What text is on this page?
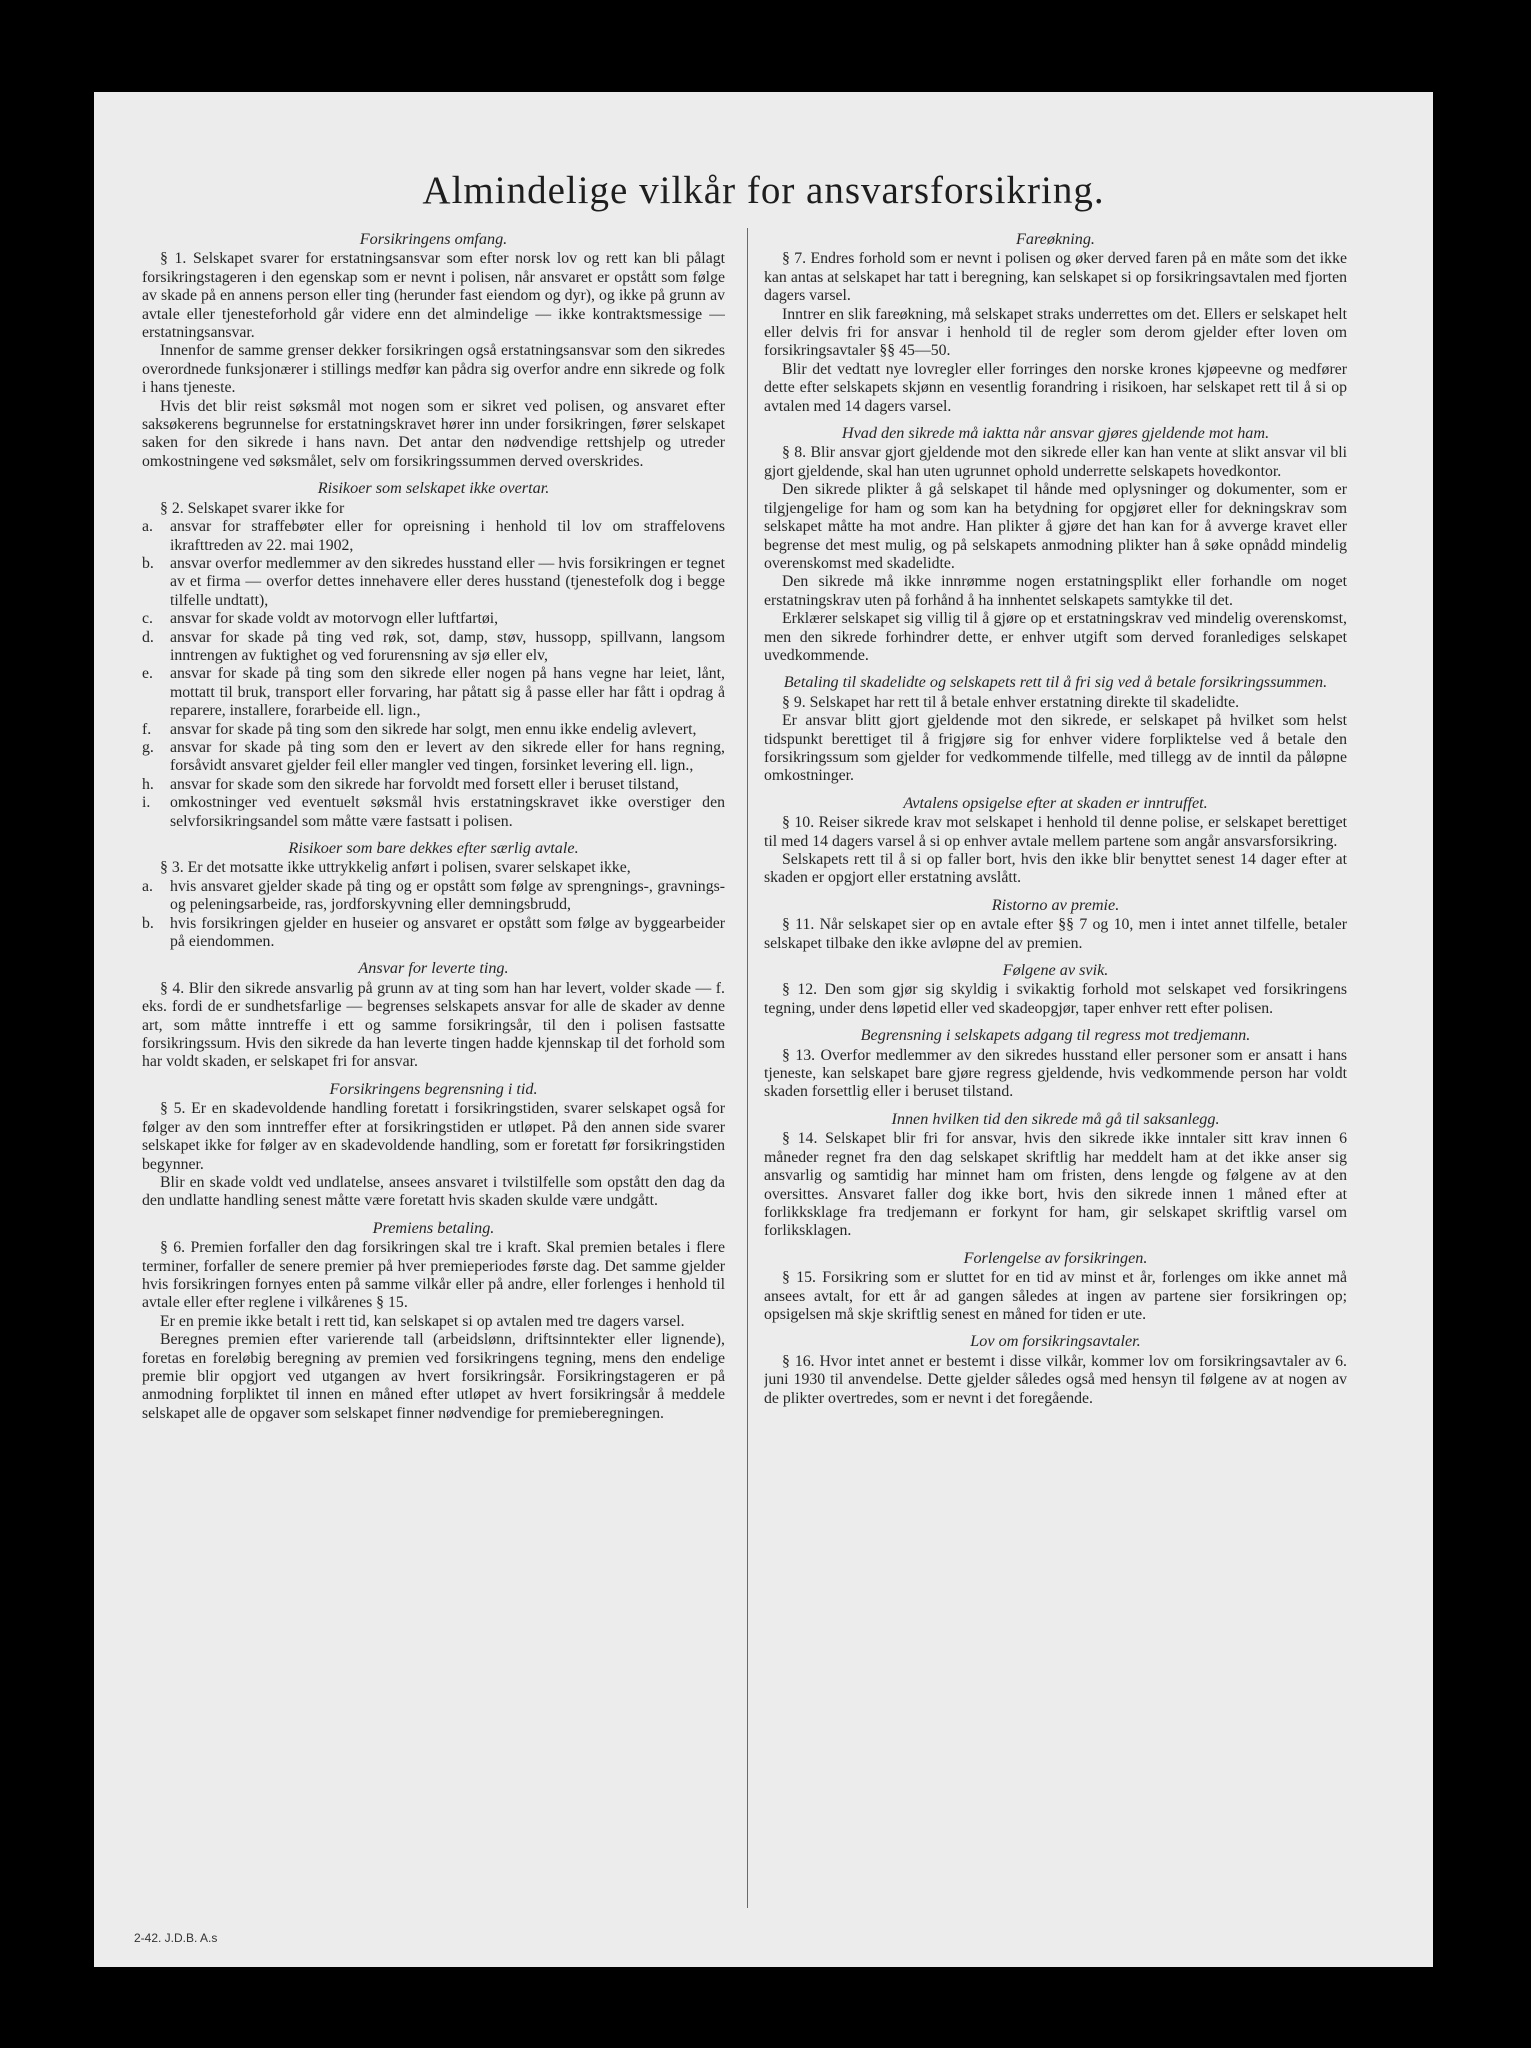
Almindelige vilkår for ansvarsforsikring.
Forsikringens omfang.

§ 1. Selskapet svarer for erstatningsansvar som efter norsk lov og rett kan bli pålagt forsikringstageren i den egenskap som er nevnt i polisen, når ansvaret er opstått som følge av skade på en annens person eller ting (herunder fast eiendom og dyr), og ikke på grunn av avtale eller tjenesteforhold går videre enn det almindelige — ikke kontraktsmessige — erstatningsansvar.

Innenfor de samme grenser dekker forsikringen også erstatningsansvar som den sikredes overordnede funksjonærer i stillings medfør kan pådra sig overfor andre enn sikrede og folk i hans tjeneste.

Hvis det blir reist søksmål mot nogen som er sikret ved polisen, og ansvaret efter saksøkerens begrunnelse for erstatningskravet hører inn under forsikringen, fører selskapet saken for den sikrede i hans navn. Det antar den nødvendige rettshjelp og utreder omkostningene ved søksmålet, selv om forsikringssummen derved overskrides.

Risikoer som selskapet ikke overtar.

§ 2. Selskapet svarer ikke for

a.	ansvar for straffebøter eller for opreisning i henhold til lov om straffelovens ikrafttreden av 22. mai 1902,
b.	ansvar overfor medlemmer av den sikredes husstand eller — hvis forsikringen er tegnet av et firma — overfor dettes innehavere eller deres husstand (tjenestefolk dog i begge tilfelle undtatt),
c.	ansvar for skade voldt av motorvogn eller luftfartøi,
d.	ansvar for skade på ting ved røk, sot, damp, støv, hussopp, spillvann, langsom inntrengen av fuktighet og ved forurensning av sjø eller elv,
e.	ansvar for skade på ting som den sikrede eller nogen på hans vegne har leiet, lånt, mottatt til bruk, transport eller forvaring, har påtatt sig å passe eller har fått i opdrag å reparere, installere, forarbeide ell. lign.,
f.	ansvar for skade på ting som den sikrede har solgt, men ennu ikke endelig avlevert,
g.	ansvar for skade på ting som den er levert av den sikrede eller for hans regning, forsåvidt ansvaret gjelder feil eller mangler ved tingen, forsinket levering ell. lign.,
h.	ansvar for skade som den sikrede har forvoldt med forsett eller i beruset tilstand,
i.	omkostninger ved eventuelt søksmål hvis erstatningskravet ikke overstiger den selvforsikringsandel som måtte være fastsatt i polisen.
Risikoer som bare dekkes efter særlig avtale.

§ 3. Er det motsatte ikke uttrykkelig anført i polisen, svarer selskapet ikke,

a.	hvis ansvaret gjelder skade på ting og er opstått som følge av sprengnings-, gravnings- og peleningsarbeide, ras, jordforskyvning eller demningsbrudd,
b.	hvis forsikringen gjelder en huseier og ansvaret er opstått som følge av byggearbeider på eiendommen.
Ansvar for leverte ting.

§ 4. Blir den sikrede ansvarlig på grunn av at ting som han har levert, volder skade — f. eks. fordi de er sundhetsfarlige — begrenses selskapets ansvar for alle de skader av denne art, som måtte inntreffe i ett og samme forsikringsår, til den i polisen fastsatte forsikringssum. Hvis den sikrede da han leverte tingen hadde kjennskap til det forhold som har voldt skaden, er selskapet fri for ansvar.

Forsikringens begrensning i tid.

§ 5. Er en skadevoldende handling foretatt i forsikringstiden, svarer selskapet også for følger av den som inntreffer efter at forsikringstiden er utløpet. På den annen side svarer selskapet ikke for følger av en skadevoldende handling, som er foretatt før forsikringstiden begynner.

Blir en skade voldt ved undlatelse, ansees ansvaret i tvilstilfelle som opstått den dag da den undlatte handling senest måtte være foretatt hvis skaden skulde være undgått.

Premiens betaling.

§ 6. Premien forfaller den dag forsikringen skal tre i kraft. Skal premien betales i flere terminer, forfaller de senere premier på hver premieperiodes første dag. Det samme gjelder hvis forsikringen fornyes enten på samme vilkår eller på andre, eller forlenges i henhold til avtale eller efter reglene i vilkårenes § 15.

Er en premie ikke betalt i rett tid, kan selskapet si op avtalen med tre dagers varsel.

Beregnes premien efter varierende tall (arbeidslønn, driftsinntekter eller lignende), foretas en foreløbig beregning av premien ved forsikringens tegning, mens den endelige premie blir opgjort ved utgangen av hvert forsikringsår. Forsikringstageren er på anmodning forpliktet til innen en måned efter utløpet av hvert forsikringsår å meddele selskapet alle de opgaver som selskapet finner nødvendige for premieberegningen.

Fareøkning.

§ 7. Endres forhold som er nevnt i polisen og øker derved faren på en måte som det ikke kan antas at selskapet har tatt i beregning, kan selskapet si op forsikringsavtalen med fjorten dagers varsel.

Inntrer en slik fareøkning, må selskapet straks underrettes om det. Ellers er selskapet helt eller delvis fri for ansvar i henhold til de regler som derom gjelder efter loven om forsikringsavtaler §§ 45—50.

Blir det vedtatt nye lovregler eller forringes den norske krones kjøpeevne og medfører dette efter selskapets skjønn en vesentlig forandring i risikoen, har selskapet rett til å si op avtalen med 14 dagers varsel.

Hvad den sikrede må iaktta når ansvar gjøres gjeldende mot ham.

§ 8. Blir ansvar gjort gjeldende mot den sikrede eller kan han vente at slikt ansvar vil bli gjort gjeldende, skal han uten ugrunnet ophold underrette selskapets hovedkontor.

Den sikrede plikter å gå selskapet til hånde med oplysninger og dokumenter, som er tilgjengelige for ham og som kan ha betydning for opgjøret eller for dekningskrav som selskapet måtte ha mot andre. Han plikter å gjøre det han kan for å avverge kravet eller begrense det mest mulig, og på selskapets anmodning plikter han å søke opnådd mindelig overenskomst med skadelidte.

Den sikrede må ikke innrømme nogen erstatningsplikt eller forhandle om noget erstatningskrav uten på forhånd å ha innhentet selskapets samtykke til det.

Erklærer selskapet sig villig til å gjøre op et erstatningskrav ved mindelig overenskomst, men den sikrede forhindrer dette, er enhver utgift som derved foranlediges selskapet uvedkommende.

Betaling til skadelidte og selskapets rett til å fri sig ved å betale forsikringssummen.

§ 9. Selskapet har rett til å betale enhver erstatning direkte til skadelidte.

Er ansvar blitt gjort gjeldende mot den sikrede, er selskapet på hvilket som helst tidspunkt berettiget til å frigjøre sig for enhver videre forpliktelse ved å betale den forsikringssum som gjelder for vedkommende tilfelle, med tillegg av de inntil da påløpne omkostninger.

Avtalens opsigelse efter at skaden er inntruffet.

§ 10. Reiser sikrede krav mot selskapet i henhold til denne polise, er selskapet berettiget til med 14 dagers varsel å si op enhver avtale mellem partene som angår ansvarsforsikring.

Selskapets rett til å si op faller bort, hvis den ikke blir benyttet senest 14 dager efter at skaden er opgjort eller erstatning avslått.

Ristorno av premie.

§ 11. Når selskapet sier op en avtale efter §§ 7 og 10, men i intet annet tilfelle, betaler selskapet tilbake den ikke avløpne del av premien.

Følgene av svik.

§ 12. Den som gjør sig skyldig i svikaktig forhold mot selskapet ved forsikringens tegning, under dens løpetid eller ved skadeopgjør, taper enhver rett efter polisen.

Begrensning i selskapets adgang til regress mot tredjemann.

§ 13. Overfor medlemmer av den sikredes husstand eller personer som er ansatt i hans tjeneste, kan selskapet bare gjøre regress gjeldende, hvis vedkommende person har voldt skaden forsettlig eller i beruset tilstand.

Innen hvilken tid den sikrede må gå til saksanlegg.

§ 14. Selskapet blir fri for ansvar, hvis den sikrede ikke inntaler sitt krav innen 6 måneder regnet fra den dag selskapet skriftlig har meddelt ham at det ikke anser sig ansvarlig og samtidig har minnet ham om fristen, dens lengde og følgene av at den oversittes. Ansvaret faller dog ikke bort, hvis den sikrede innen 1 måned efter at forlikksklage fra tredjemann er forkynt for ham, gir selskapet skriftlig varsel om forliksklagen.

Forlengelse av forsikringen.

§ 15. Forsikring som er sluttet for en tid av minst et år, forlenges om ikke annet må ansees avtalt, for ett år ad gangen således at ingen av partene sier forsikringen op; opsigelsen må skje skriftlig senest en måned for tiden er ute.

Lov om forsikringsavtaler.

§ 16. Hvor intet annet er bestemt i disse vilkår, kommer lov om forsikringsavtaler av 6. juni 1930 til anvendelse. Dette gjelder således også med hensyn til følgene av at nogen av de plikter overtredes, som er nevnt i det foregående.

2-42. J.D.B. A.s
